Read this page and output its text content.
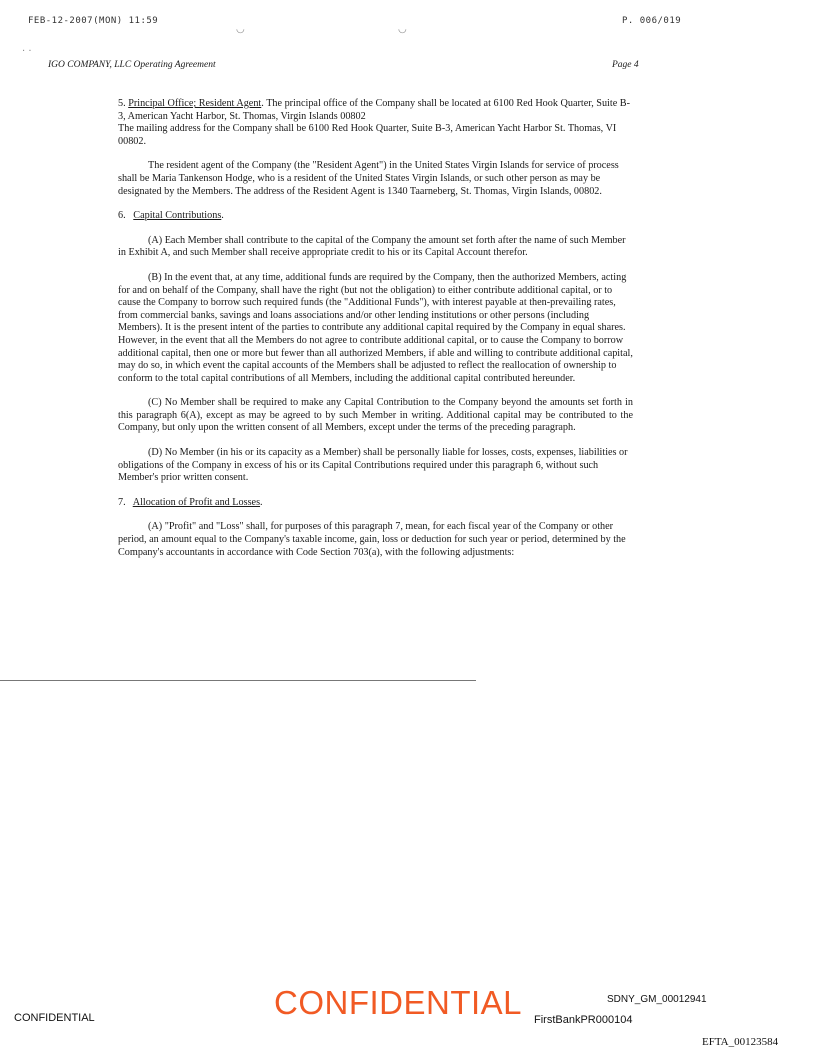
FEB-12-2007(MON) 11:59	P. 006/019
◡	◡
· ·
IGO COMPANY, LLC Operating Agreement	Page 4

5. Principal Office; Resident Agent. The principal office of the Company shall be located at 6100 Red Hook Quarter, Suite B-3, American Yacht Harbor, St. Thomas, Virgin Islands 00802

The mailing address for the Company shall be 6100 Red Hook Quarter, Suite B-3, American Yacht Harbor St. Thomas, VI 00802.

The resident agent of the Company (the "Resident Agent") in the United States Virgin Islands for service of process shall be Maria Tankenson Hodge, who is a resident of the United States Virgin Islands, or such other person as may be designated by the Members. The address of the Resident Agent is 1340 Taarneberg, St. Thomas, Virgin Islands, 00802.

6. Capital Contributions.

(A) Each Member shall contribute to the capital of the Company the amount set forth after the name of such Member in Exhibit A, and such Member shall receive appropriate credit to his or its Capital Account therefor.

(B) In the event that, at any time, additional funds are required by the Company, then the authorized Members, acting for and on behalf of the Company, shall have the right (but not the obligation) to either contribute additional capital, or to cause the Company to borrow such required funds (the "Additional Funds"), with interest payable at then-prevailing rates, from commercial banks, savings and loans associations and/or other lending institutions or other persons (including Members). It is the present intent of the parties to contribute any additional capital required by the Company in equal shares. However, in the event that all the Members do not agree to contribute additional capital, or to cause the Company to borrow additional capital, then one or more but fewer than all authorized Members, if able and willing to contribute additional capital, may do so, in which event the capital accounts of the Members shall be adjusted to reflect the reallocation of ownership to conform to the total capital contributions of all Members, including the additional capital contributed hereunder.

(C) No Member shall be required to make any Capital Contribution to the Company beyond the amounts set forth in this paragraph 6(A), except as may be agreed to by such Member in writing. Additional capital may be contributed to the Company, but only upon the written consent of all Members, except under the terms of the preceding paragraph.

(D) No Member (in his or its capacity as a Member) shall be personally liable for losses, costs, expenses, liabilities or obligations of the Company in excess of his or its Capital Contributions required under this paragraph 6, without such Member's prior written consent.

7. Allocation of Profit and Losses.

(A) "Profit" and "Loss" shall, for purposes of this paragraph 7, mean, for each fiscal year of the Company or other period, an amount equal to the Company's taxable income, gain, loss or deduction for such year or period, determined by the Company's accountants in accordance with Code Section 703(a), with the following adjustments:

CONFIDENTIAL	SDNY_GM_00012941
CONFIDENTIAL	FirstBankPR000104
EFTA_00123584
